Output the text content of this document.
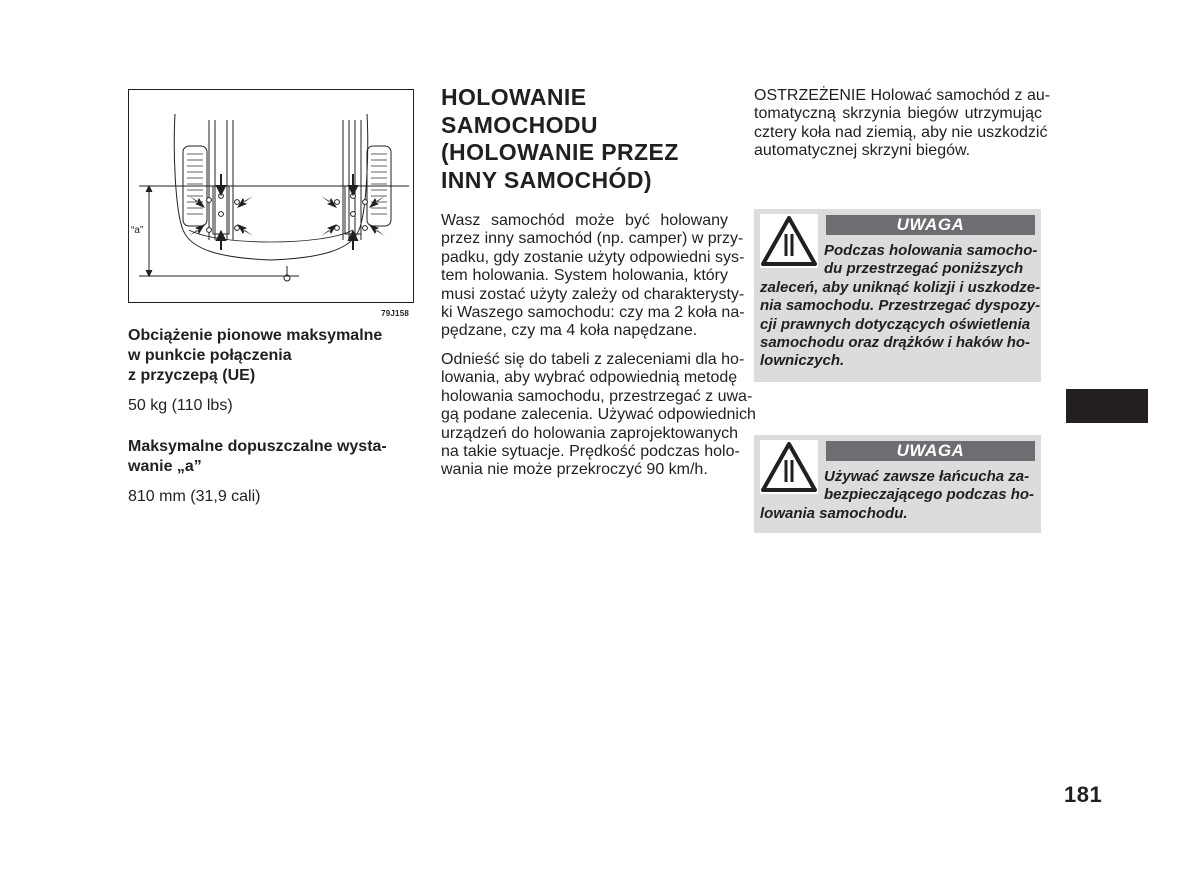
“a”
79J158
Obciążenie pionowe maksymalne
w punkcie połączenia
z przyczepą (UE)
50 kg (110 lbs)
Maksymalne dopuszczalne wysta-
wanie „a”
810 mm (31,9 cali)
HOLOWANIE
SAMOCHODU
(HOLOWANIE PRZEZ
INNY SAMOCHÓD)
Wasz samochód może być holowany
przez inny samochód (np. camper) w przy-
padku, gdy zostanie użyty odpowiedni sys-
tem holowania. System holowania, który
musi zostać użyty zależy od charakterysty-
ki Waszego samochodu: czy ma 2 koła na-
pędzane, czy ma 4 koła napędzane.
Odnieść się do tabeli z zaleceniami dla ho-
lowania, aby wybrać odpowiednią metodę
holowania samochodu, przestrzegać z uwa-
gą podane zalecenia. Używać odpowiednich
urządzeń do holowania zaprojektowanych
na takie sytuacje. Prędkość podczas holo-
wania nie może przekroczyć 90 km/h.
OSTRZEŻENIE Holować samochód z au-
tomatyczną skrzynia biegów utrzymując
cztery koła nad ziemią, aby nie uszkodzić
automatycznej skrzyni biegów.
UWAGA
Podczas holowania samocho-
du przestrzegać poniższych
zaleceń, aby uniknąć kolizji i uszkodze-
nia samochodu. Przestrzegać dyspozy-
cji prawnych dotyczących oświetlenia
samochodu oraz drążków i haków ho-
lowniczych.
UWAGA
Używać zawsze łańcucha za-
bezpieczającego podczas ho-
lowania samochodu.
181
